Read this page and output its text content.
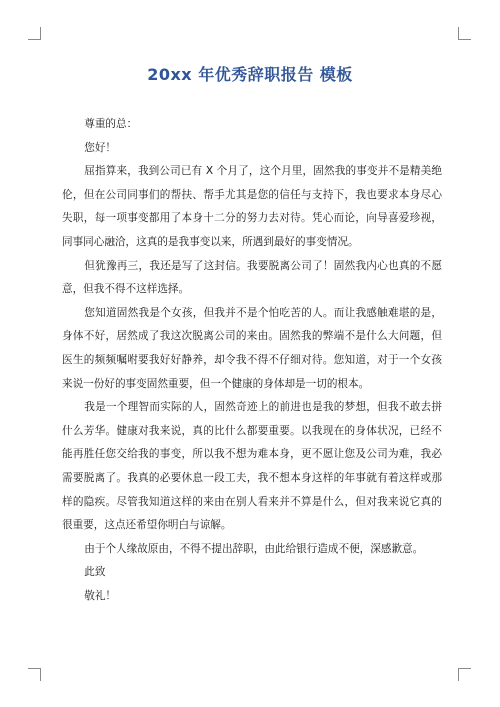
20xx 年优秀辞职报告 模板

尊重的总：

您好！

屈指算来，我到公司已有 X 个月了，这个月里，固然我的事变并不是精美绝伦，但在公司同事们的帮扶、帮手尤其是您的信任与支持下，我也要求本身尽心失职，每一项事变都用了本身十二分的努力去对待。凭心而论，向导喜爱珍视，同事同心融洽，这真的是我事变以来，所遇到最好的事变情况。

但犹豫再三，我还是写了这封信。我要脱离公司了！固然我内心也真的不愿意，但我不得不这样选择。

您知道固然我是个女孩，但我并不是个怕吃苦的人。而让我感触难堪的是，身体不好，居然成了我这次脱离公司的来由。固然我的弊端不是什么大问题，但医生的频频嘱咐要我好好静养，却令我不得不仔细对待。您知道，对于一个女孩来说一份好的事变固然重要，但一个健康的身体却是一切的根本。

我是一个理智而实际的人，固然奇迹上的前进也是我的梦想，但我不敢去拼什么芳华。健康对我来说，真的比什么都要重要。以我现在的身体状况，已经不能再胜任您交给我的事变，所以我不想为难本身，更不愿让您及公司为难，我必需要脱离了。我真的必要休息一段工夫，我不想本身这样的年事就有着这样或那样的隐疾。尽管我知道这样的来由在别人看来并不算是什么，但对我来说它真的很重要，这点还希望你明白与谅解。

由于个人缘故原由，不得不提出辞职，由此给银行造成不便，深感歉意。

此致

敬礼！
